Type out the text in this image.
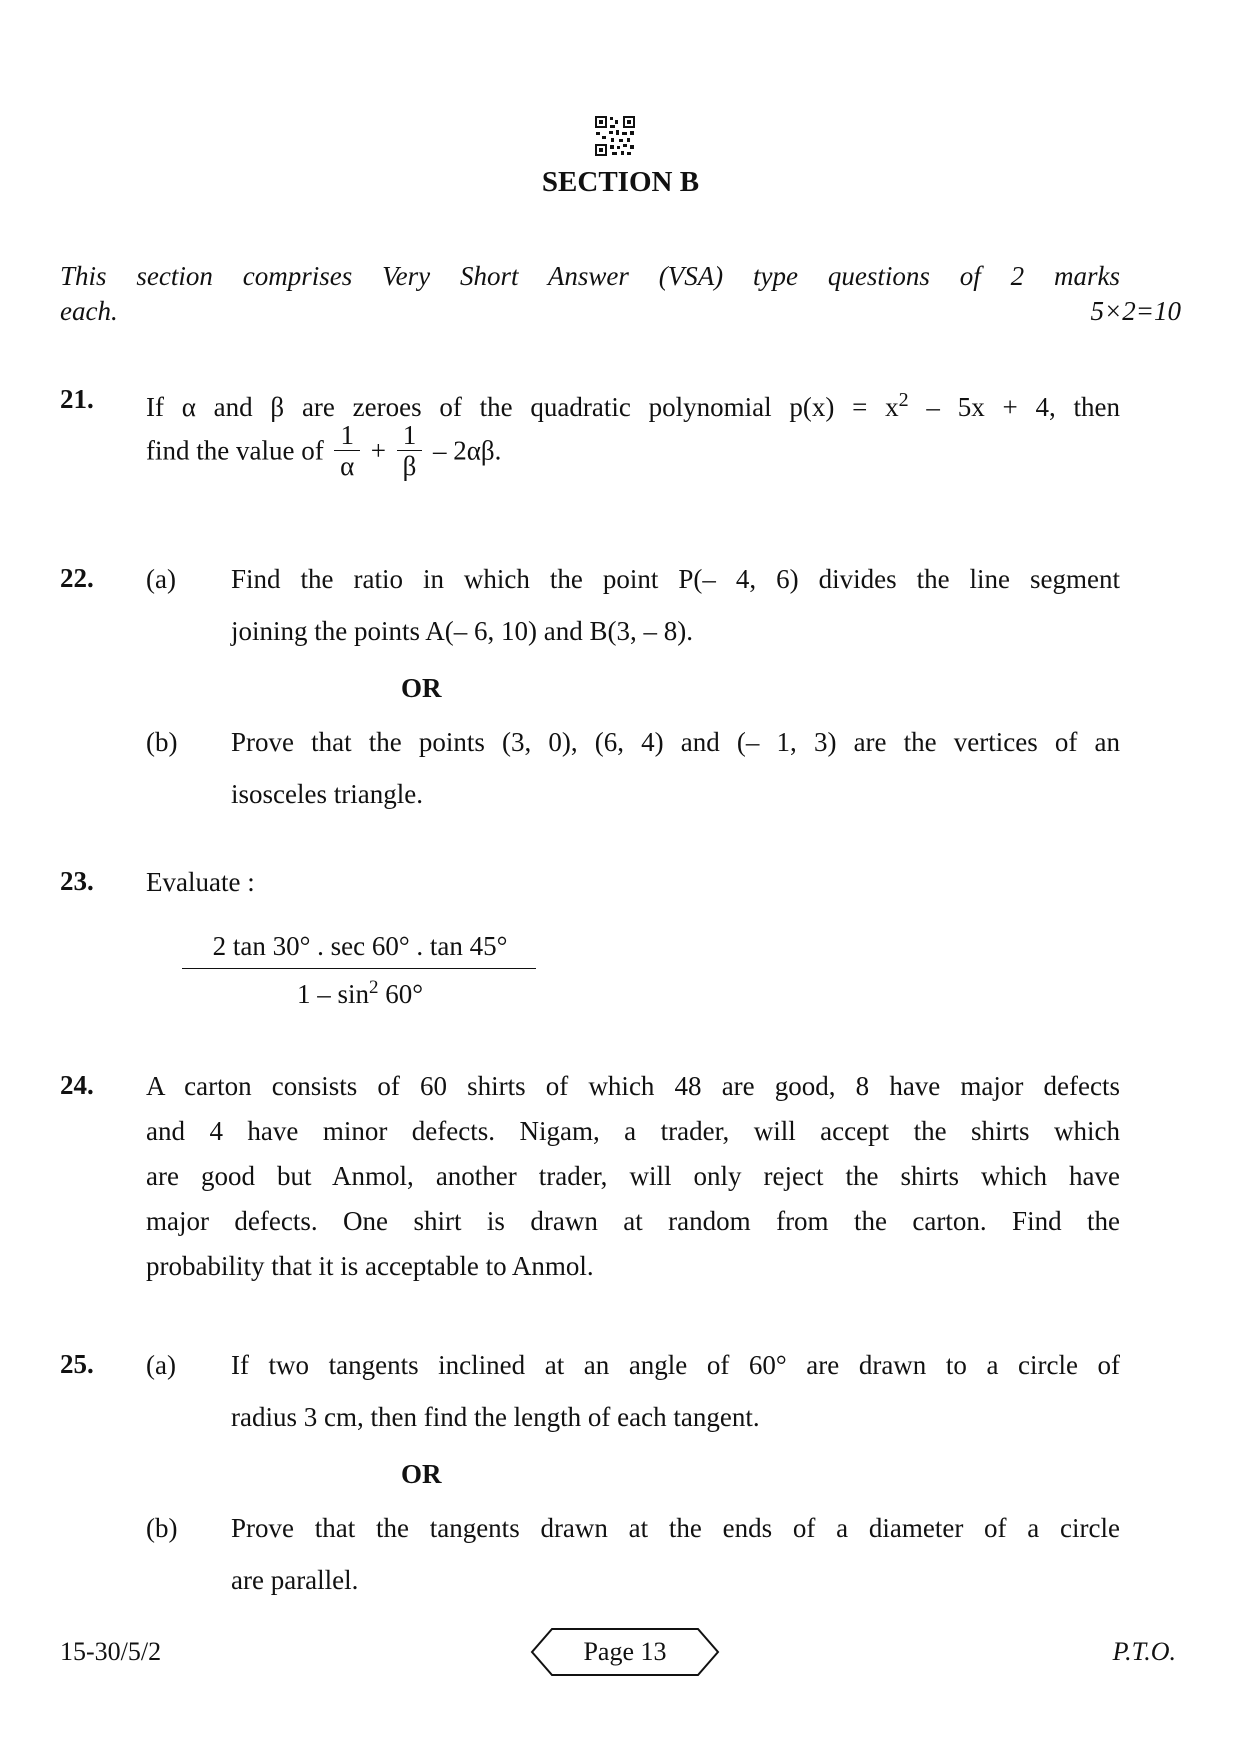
SECTION B
This section comprises Very Short Answer (VSA) type questions of 2 marks
each.	5×2=10
21. If α and β are zeroes of the quadratic polynomial $p(x) = x^2 - 5x + 4$, then
find the value of $\frac{1}{\alpha} + \frac{1}{\beta} - 2\alpha\beta$.
22. (a) Find the ratio in which the point P(– 4, 6) divides the line segment
joining the points A(– 6, 10) and B(3, – 8).
OR
(b) Prove that the points (3, 0), (6, 4) and (– 1, 3) are the vertices of an
isosceles triangle.
23. Evaluate :
2 tan 30° . sec 60° . tan 45°
$1 - \sin^2 60^\circ$
24. A carton consists of 60 shirts of which 48 are good, 8 have major defects
and 4 have minor defects. Nigam, a trader, will accept the shirts which
are good but Anmol, another trader, will only reject the shirts which have
major defects. One shirt is drawn at random from the carton. Find the
probability that it is acceptable to Anmol.
25. (a) If two tangents inclined at an angle of 60° are drawn to a circle of
radius 3 cm, then find the length of each tangent.
OR
(b) Prove that the tangents drawn at the ends of a diameter of a circle
are parallel.
15-30/5/2	Page 13	P.T.O.
